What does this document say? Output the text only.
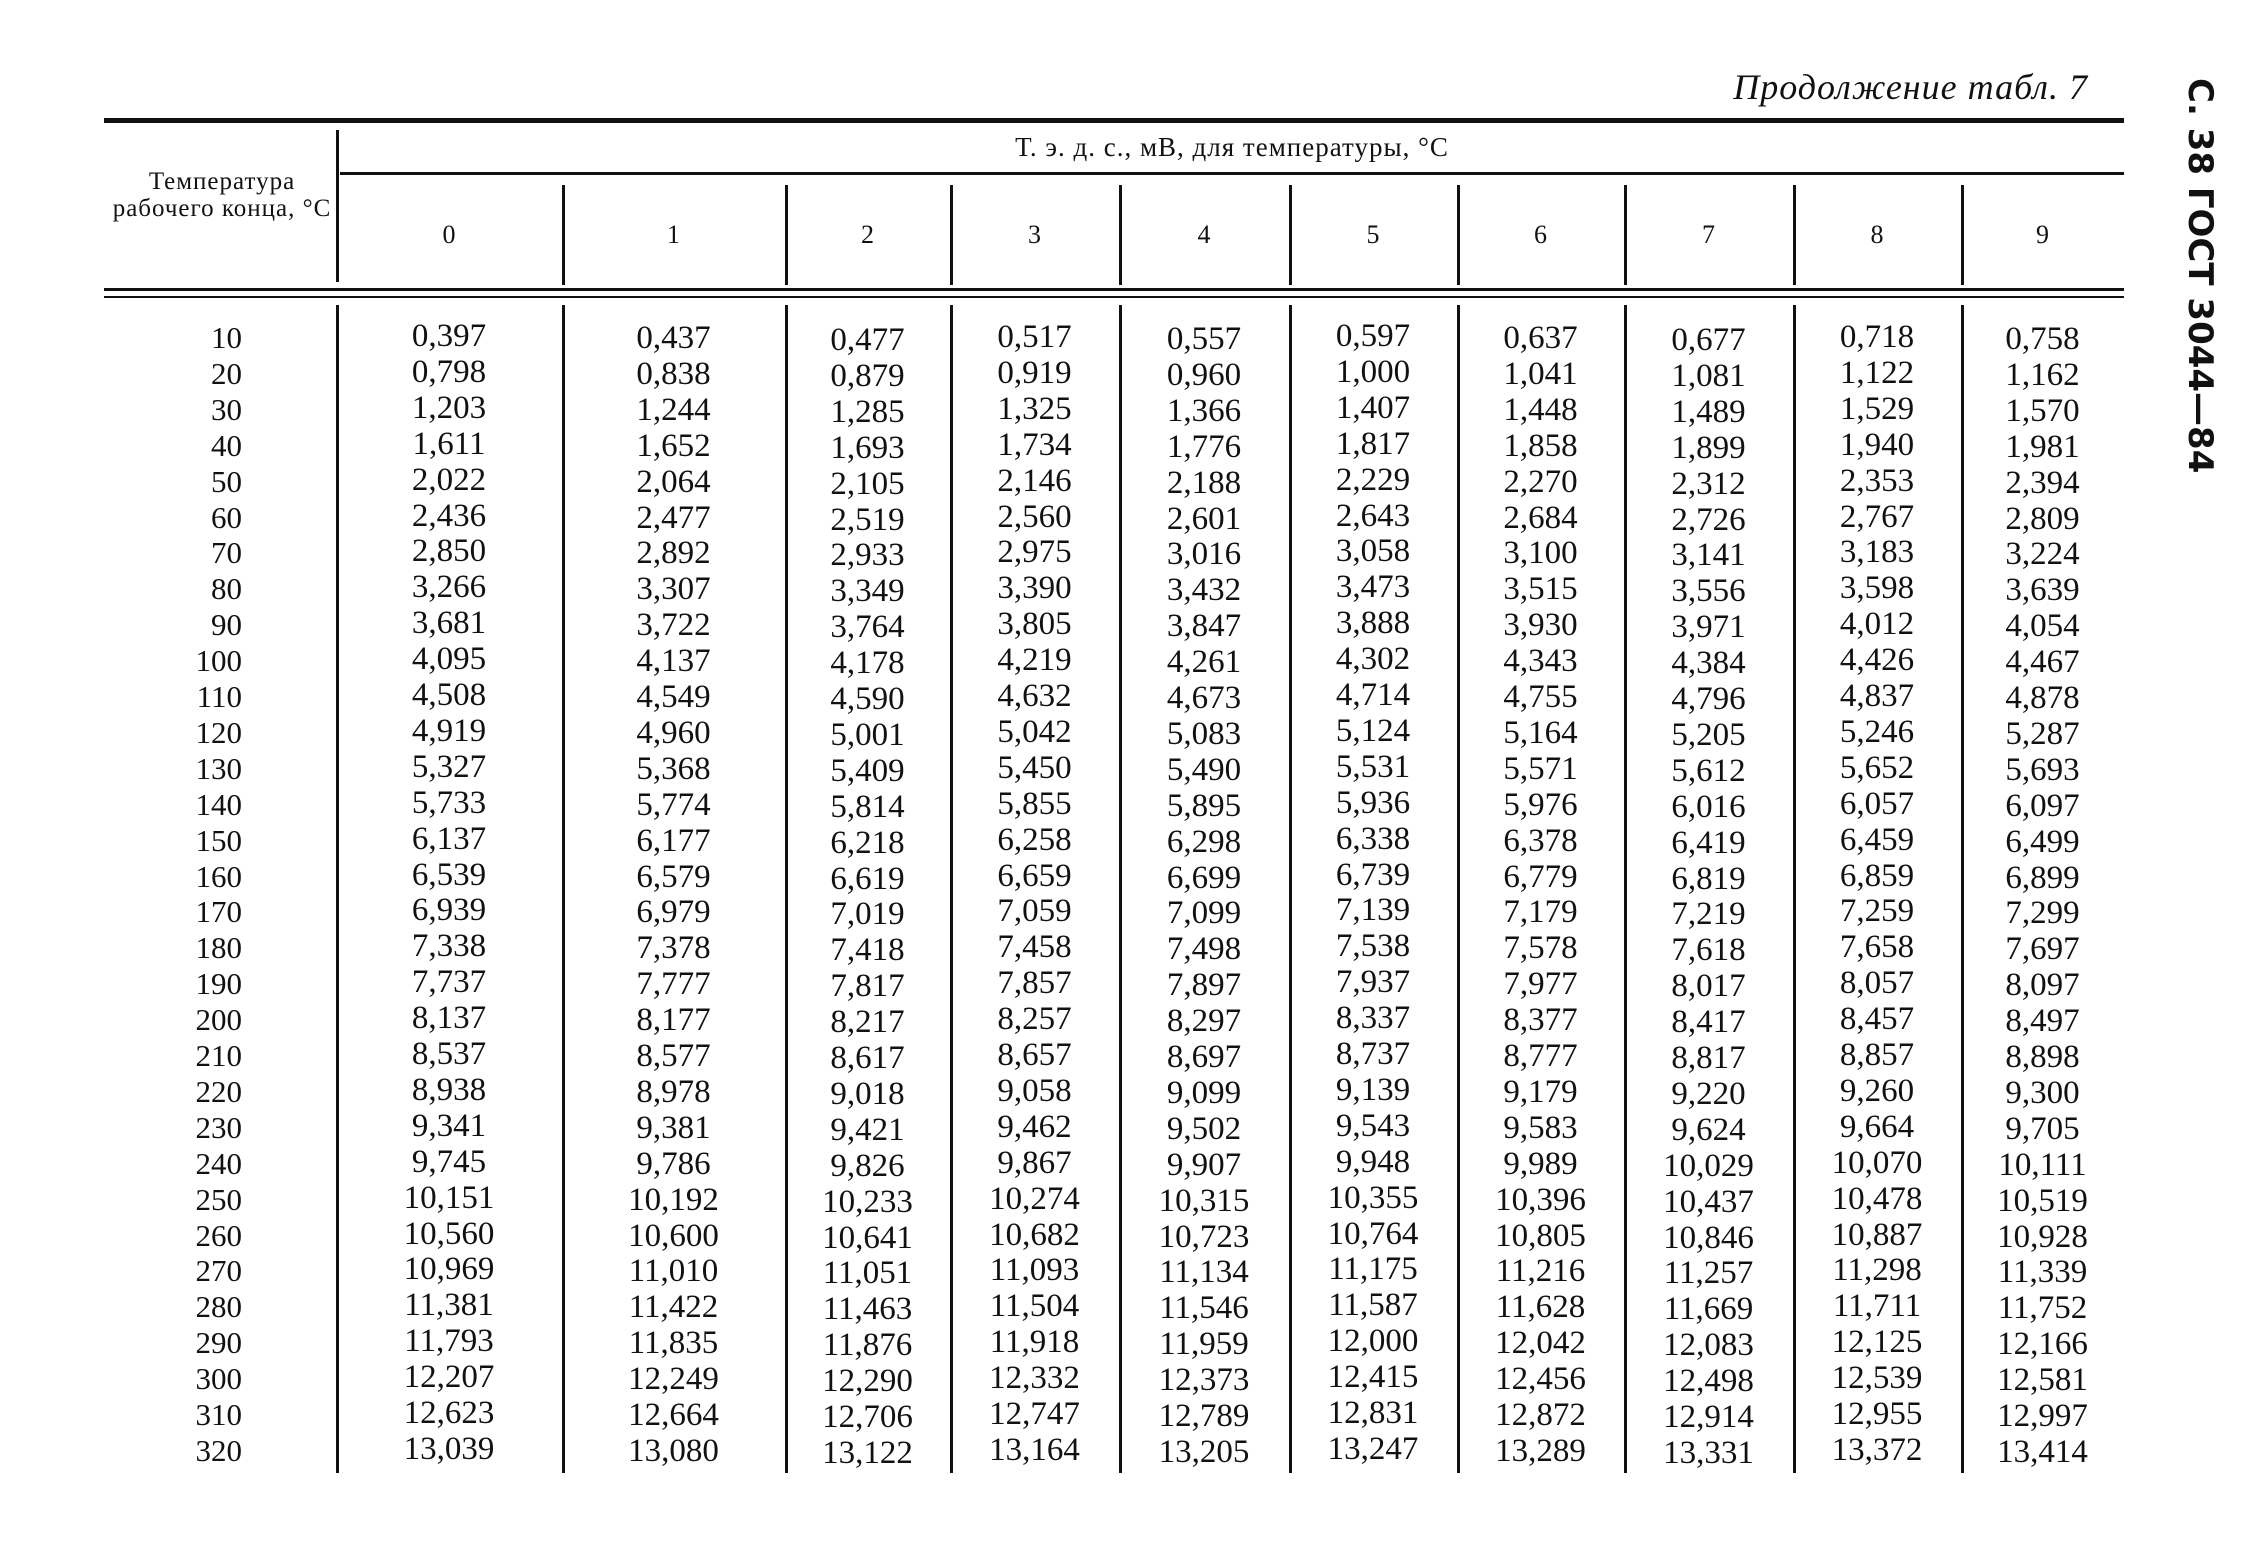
Продолжение табл. 7	С. 38 ГОСТ 3044—84
Температура рабочего конца, °С
Т. э. д. с., мВ, для температуры, °С
0	1	2	3	4	5	6	7	8	9
10	0,397	0,437	0,477	0,517	0,557	0,597	0,637	0,677	0,718	0,758
20	0,798	0,838	0,879	0,919	0,960	1,000	1,041	1,081	1,122	1,162
30	1,203	1,244	1,285	1,325	1,366	1,407	1,448	1,489	1,529	1,570
40	1,611	1,652	1,693	1,734	1,776	1,817	1,858	1,899	1,940	1,981
50	2,022	2,064	2,105	2,146	2,188	2,229	2,270	2,312	2,353	2,394
60	2,436	2,477	2,519	2,560	2,601	2,643	2,684	2,726	2,767	2,809
70	2,850	2,892	2,933	2,975	3,016	3,058	3,100	3,141	3,183	3,224
80	3,266	3,307	3,349	3,390	3,432	3,473	3,515	3,556	3,598	3,639
90	3,681	3,722	3,764	3,805	3,847	3,888	3,930	3,971	4,012	4,054
100	4,095	4,137	4,178	4,219	4,261	4,302	4,343	4,384	4,426	4,467
110	4,508	4,549	4,590	4,632	4,673	4,714	4,755	4,796	4,837	4,878
120	4,919	4,960	5,001	5,042	5,083	5,124	5,164	5,205	5,246	5,287
130	5,327	5,368	5,409	5,450	5,490	5,531	5,571	5,612	5,652	5,693
140	5,733	5,774	5,814	5,855	5,895	5,936	5,976	6,016	6,057	6,097
150	6,137	6,177	6,218	6,258	6,298	6,338	6,378	6,419	6,459	6,499
160	6,539	6,579	6,619	6,659	6,699	6,739	6,779	6,819	6,859	6,899
170	6,939	6,979	7,019	7,059	7,099	7,139	7,179	7,219	7,259	7,299
180	7,338	7,378	7,418	7,458	7,498	7,538	7,578	7,618	7,658	7,697
190	7,737	7,777	7,817	7,857	7,897	7,937	7,977	8,017	8,057	8,097
200	8,137	8,177	8,217	8,257	8,297	8,337	8,377	8,417	8,457	8,497
210	8,537	8,577	8,617	8,657	8,697	8,737	8,777	8,817	8,857	8,898
220	8,938	8,978	9,018	9,058	9,099	9,139	9,179	9,220	9,260	9,300
230	9,341	9,381	9,421	9,462	9,502	9,543	9,583	9,624	9,664	9,705
240	9,745	9,786	9,826	9,867	9,907	9,948	9,989	10,029	10,070	10,111
250	10,151	10,192	10,233	10,274	10,315	10,355	10,396	10,437	10,478	10,519
260	10,560	10,600	10,641	10,682	10,723	10,764	10,805	10,846	10,887	10,928
270	10,969	11,010	11,051	11,093	11,134	11,175	11,216	11,257	11,298	11,339
280	11,381	11,422	11,463	11,504	11,546	11,587	11,628	11,669	11,711	11,752
290	11,793	11,835	11,876	11,918	11,959	12,000	12,042	12,083	12,125	12,166
300	12,207	12,249	12,290	12,332	12,373	12,415	12,456	12,498	12,539	12,581
310	12,623	12,664	12,706	12,747	12,789	12,831	12,872	12,914	12,955	12,997
320	13,039	13,080	13,122	13,164	13,205	13,247	13,289	13,331	13,372	13,414
